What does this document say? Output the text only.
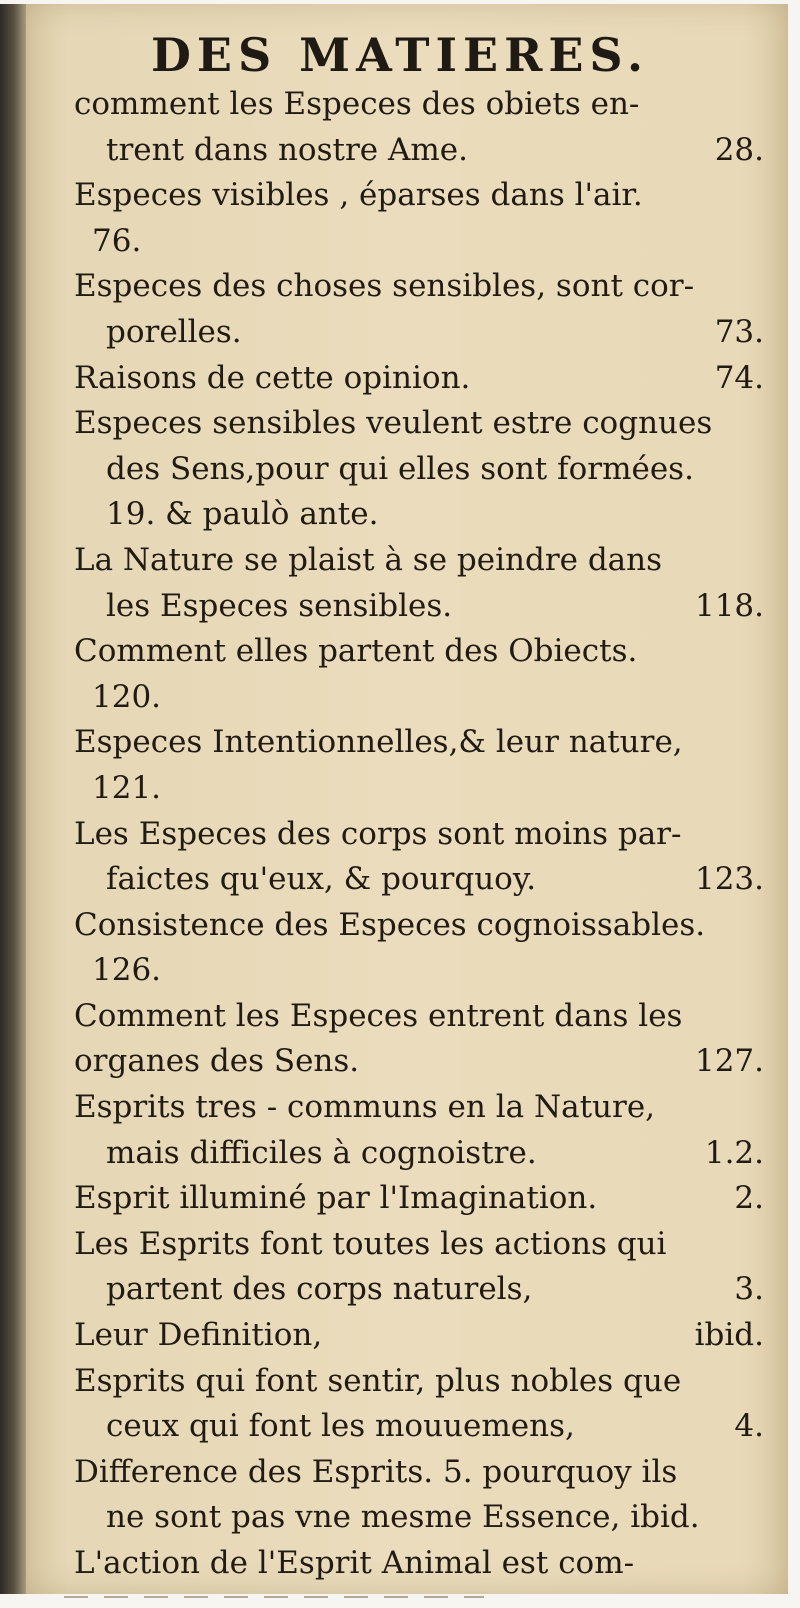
DES MATIERES.
comment les Especes des obiets en-
trent dans nostre Ame.	28.
Especes visibles , éparses dans l'air.
76.
Especes des choses sensibles, sont cor-
porelles.	73.
Raisons de cette opinion.	74.
Especes sensibles veulent estre cognues
des Sens,pour qui elles sont formées.
19. & paulò ante.
La Nature se plaist à se peindre dans
les Especes sensibles.	118.
Comment elles partent des Obiects.
120.
Especes Intentionnelles,& leur nature,
121.
Les Especes des corps sont moins par-
faictes qu'eux, & pourquoy.	123.
Consistence des Especes cognoissables.
126.
Comment les Especes entrent dans les
organes des Sens.	127.
Esprits tres - communs en la Nature,
mais difficiles à cognoistre.	1.2.
Esprit illuminé par l'Imagination.	2.
Les Esprits font toutes les actions qui
partent des corps naturels,	3.
Leur Definition,	ibid.
Esprits qui font sentir, plus nobles que
ceux qui font les mouuemens,	4.
Difference des Esprits. 5. pourquoy ils
ne sont pas vne mesme Essence, ibid.
L'action de l'Esprit Animal est com-
